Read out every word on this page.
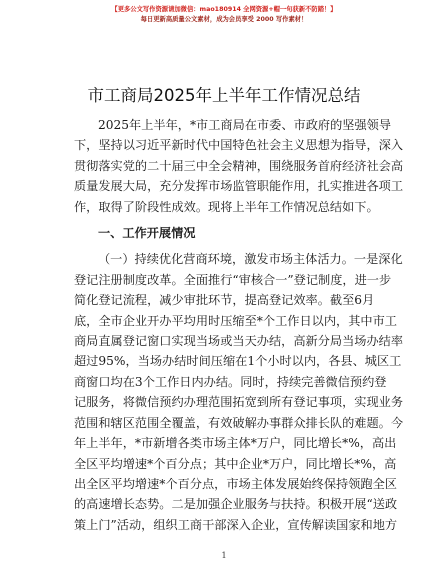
【更多公文写作资源请加微信：mao180914 全网资源+帽一句获新不防踏！】
每日更新高质量公文素材，成为会员享受 2000 写作素材！
市工商局2025年上半年工作情况总结

2025年上半年，*市工商局在市委、市政府的坚强领导
下，坚持以习近平新时代中国特色社会主义思想为指导，深入
贯彻落实党的二十届三中全会精神，围绕服务首府经济社会高
质量发展大局，充分发挥市场监管职能作用，扎实推进各项工
作，取得了阶段性成效。现将上半年工作情况总结如下。

一、工作开展情况

（一）持续优化营商环境，激发市场主体活力。一是深化
登记注册制度改革。全面推行“审核合一”登记制度，进一步
简化登记流程，减少审批环节，提高登记效率。截至6月
底，全市企业开办平均用时压缩至*个工作日以内，其中市工
商局直属登记窗口实现当场或当天办结，高新分局当场办结率
超过95%，当场办结时间压缩在1个小时以内，各县、城区工
商窗口均在3个工作日内办结。同时，持续完善微信预约登
记服务，将微信预约办理范围拓宽到所有登记事项，实现业务
范围和辖区范围全覆盖，有效破解办事群众排长队的难题。今
年上半年，*市新增各类市场主体*万户，同比增长*%，高出
全区平均增速*个百分点；其中企业*万户，同比增长*%，高
出全区平均增速*个百分点，市场主体发展始终保持领跑全区
的高速增长态势。二是加强企业服务与扶持。积极开展“送政
策上门”活动，组织工商干部深入企业，宣传解读国家和地方

1
